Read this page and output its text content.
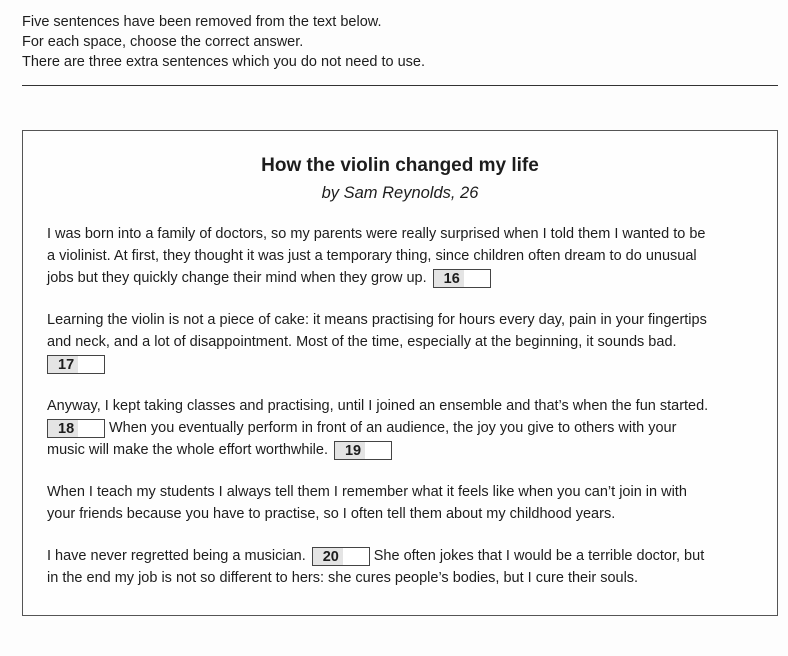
Five sentences have been removed from the text below.
For each space, choose the correct answer.
There are three extra sentences which you do not need to use.
How the violin changed my life
by Sam Reynolds, 26
I was born into a family of doctors, so my parents were really surprised when I told them I wanted to be
a violinist. At first, they thought it was just a temporary thing, since children often dream to do unusual
jobs but they quickly change their mind when they grow up. 16
Learning the violin is not a piece of cake: it means practising for hours every day, pain in your fingertips
and neck, and a lot of disappointment. Most of the time, especially at the beginning, it sounds bad.
17
Anyway, I kept taking classes and practising, until I joined an ensemble and that’s when the fun started.
18 When you eventually perform in front of an audience, the joy you give to others with your
music will make the whole effort worthwhile. 19
When I teach my students I always tell them I remember what it feels like when you can’t join in with
your friends because you have to practise, so I often tell them about my childhood years.
I have never regretted being a musician. 20 She often jokes that I would be a terrible doctor, but
in the end my job is not so different to hers: she cures people’s bodies, but I cure their souls.
